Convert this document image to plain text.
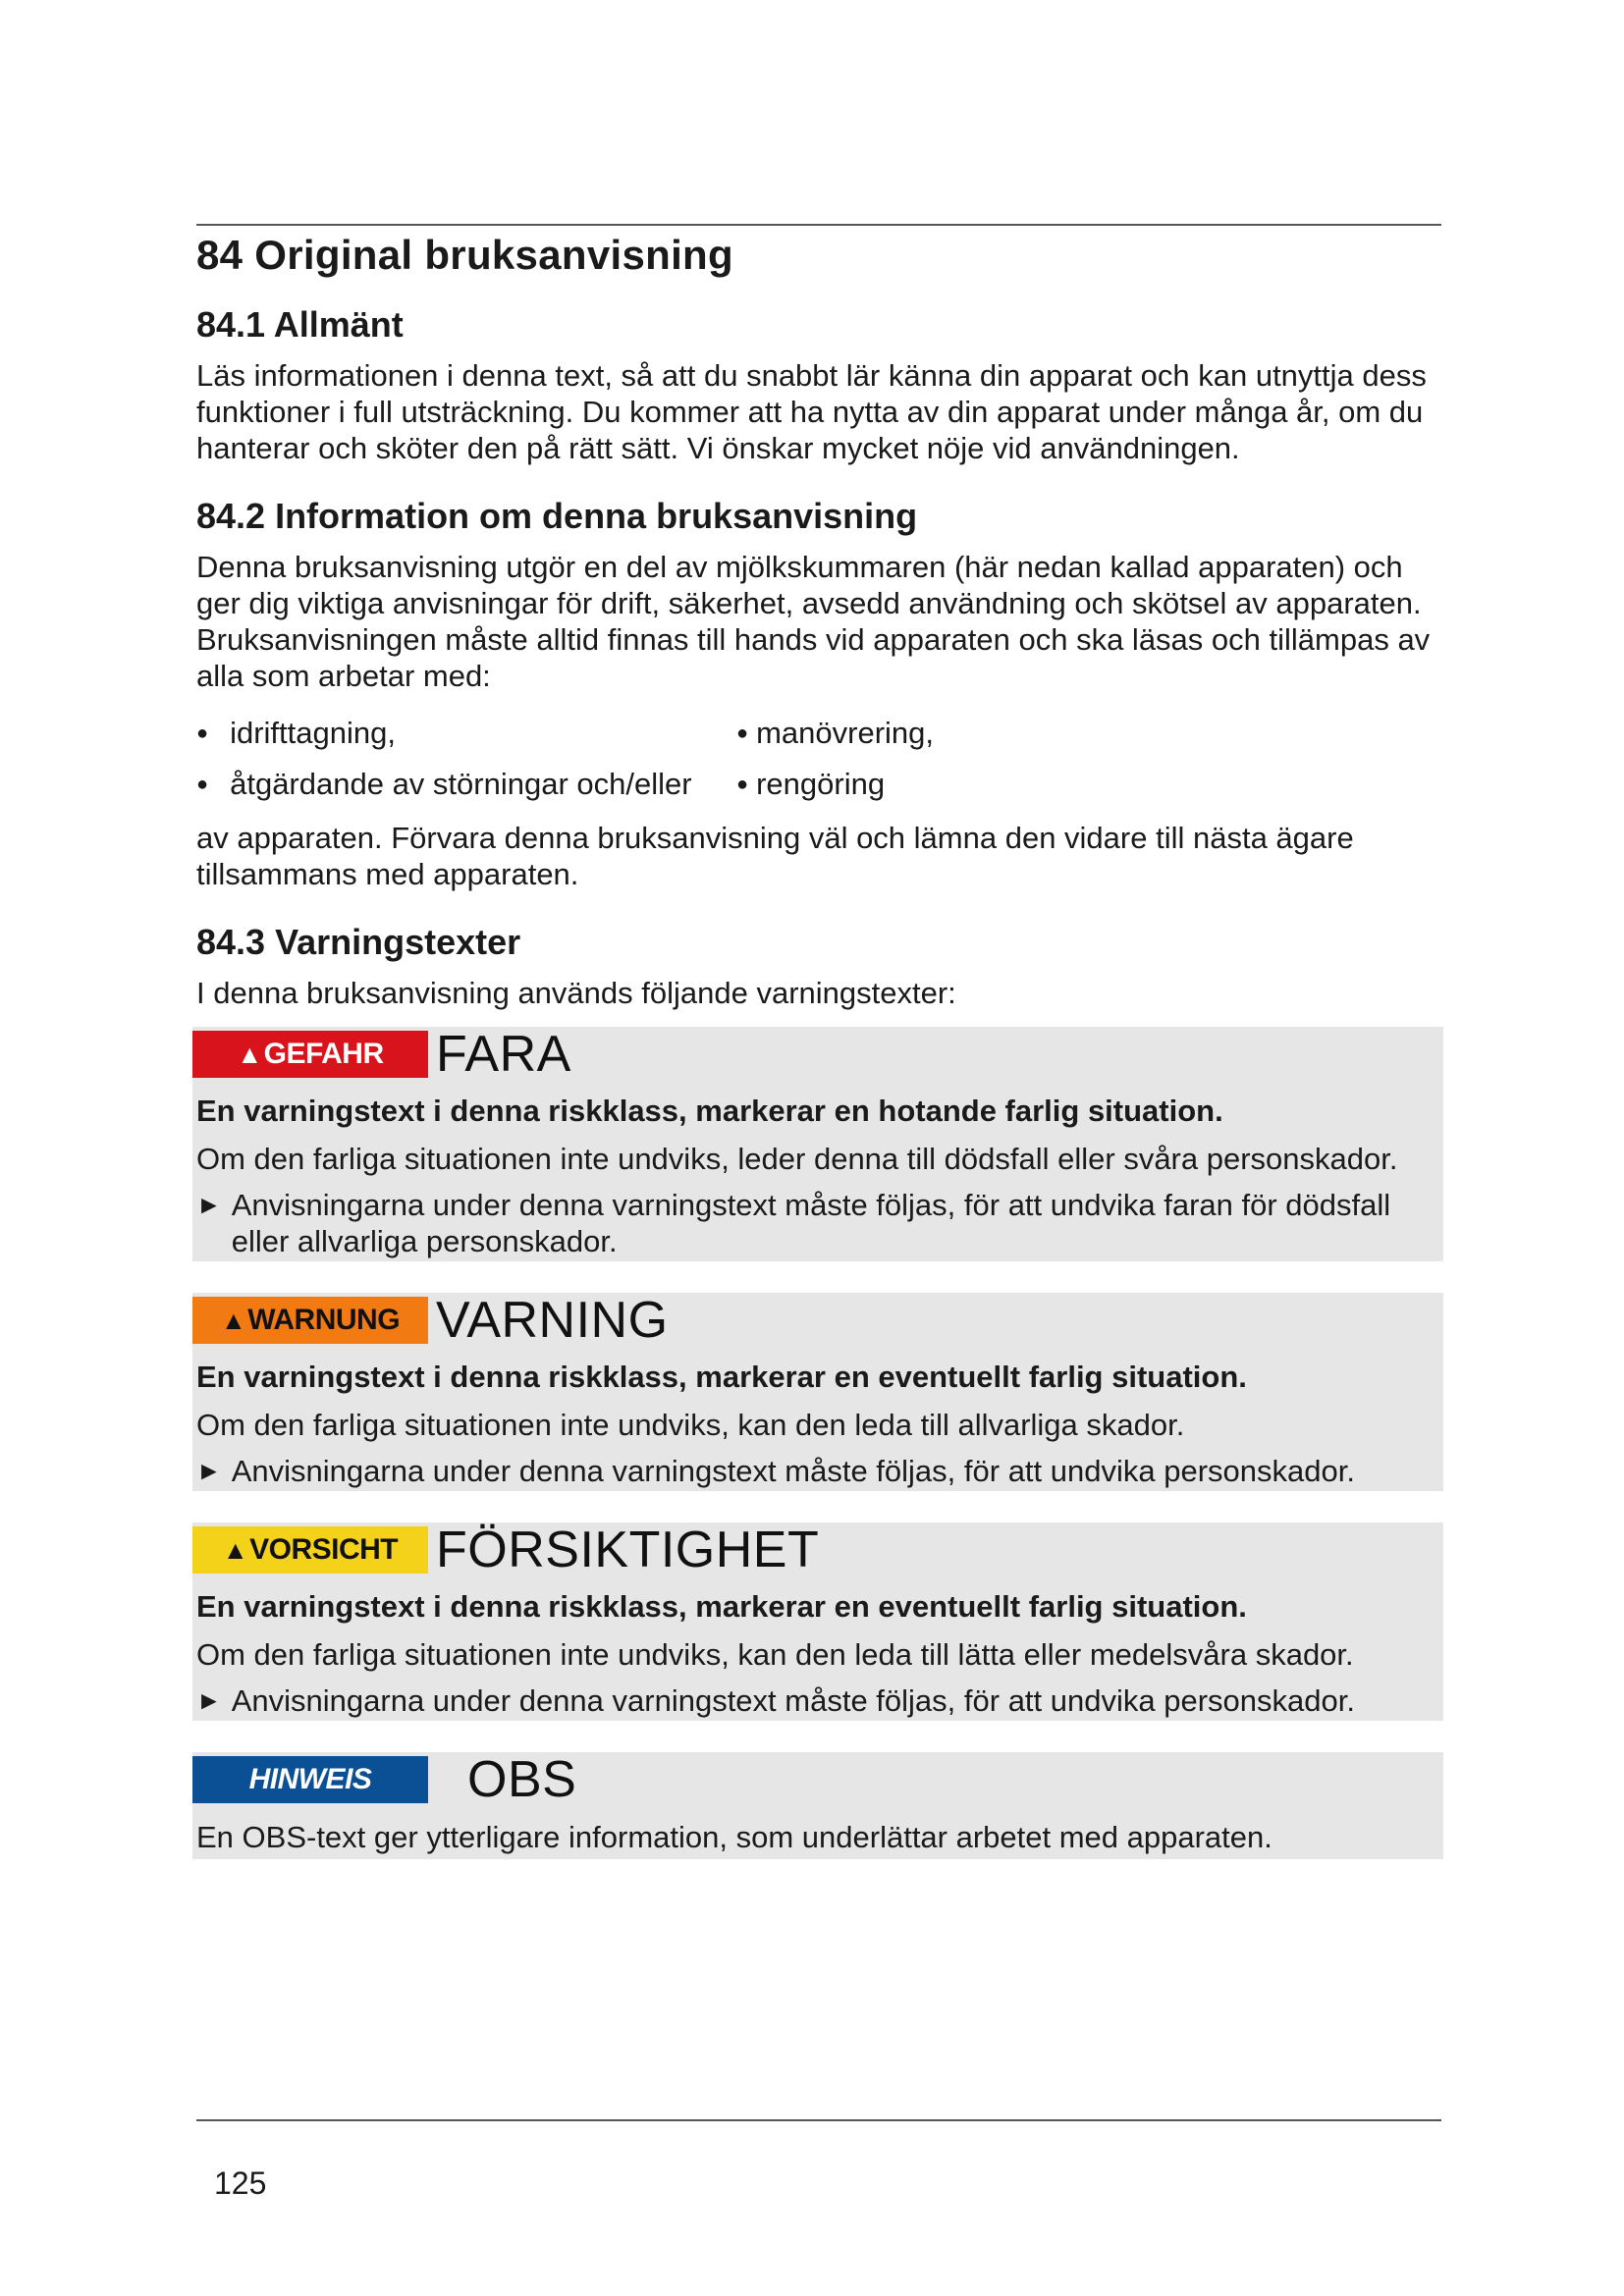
84 Original bruksanvisning
84.1 Allmänt

Läs informationen i denna text, så att du snabbt lär känna din apparat och kan utnyttja dess funktioner i full utsträckning. Du kommer att ha nytta av din apparat under många år, om du hanterar och sköter den på rätt sätt. Vi önskar mycket nöje vid användningen.

84.2 Information om denna bruksanvisning

Denna bruksanvisning utgör en del av mjölkskummaren (här nedan kallad apparaten) och ger dig viktiga anvisningar för drift, säkerhet, avsedd användning och skötsel av apparaten. Bruksanvisningen måste alltid finnas till hands vid apparaten och ska läsas och tillämpas av alla som arbetar med:

● idrifttagning,	● manövrering,
● åtgärdande av störningar och/eller ● rengöring

av apparaten. Förvara denna bruksanvisning väl och lämna den vidare till nästa ägare tillsammans med apparaten.

84.3 Varningstexter

I denna bruksanvisning används följande varningstexter:

▲ GEFAHR FARA
En varningstext i denna riskklass, markerar en hotande farlig situation.
Om den farliga situationen inte undviks, leder denna till dödsfall eller svåra personskador.
► Anvisningarna under denna varningstext måste följas, för att undvika faran för dödsfall eller allvarliga personskador.
▲ WARNUNG VARNING
En varningstext i denna riskklass, markerar en eventuellt farlig situation.
Om den farliga situationen inte undviks, kan den leda till allvarliga skador.
► Anvisningarna under denna varningstext måste följas, för att undvika personskador.
▲ VORSICHT FÖRSIKTIGHET
En varningstext i denna riskklass, markerar en eventuellt farlig situation.
Om den farliga situationen inte undviks, kan den leda till lätta eller medelsvåra skador.
► Anvisningarna under denna varningstext måste följas, för att undvika personskador.
HINWEIS OBS
En OBS-text ger ytterligare information, som underlättar arbetet med apparaten.
125
